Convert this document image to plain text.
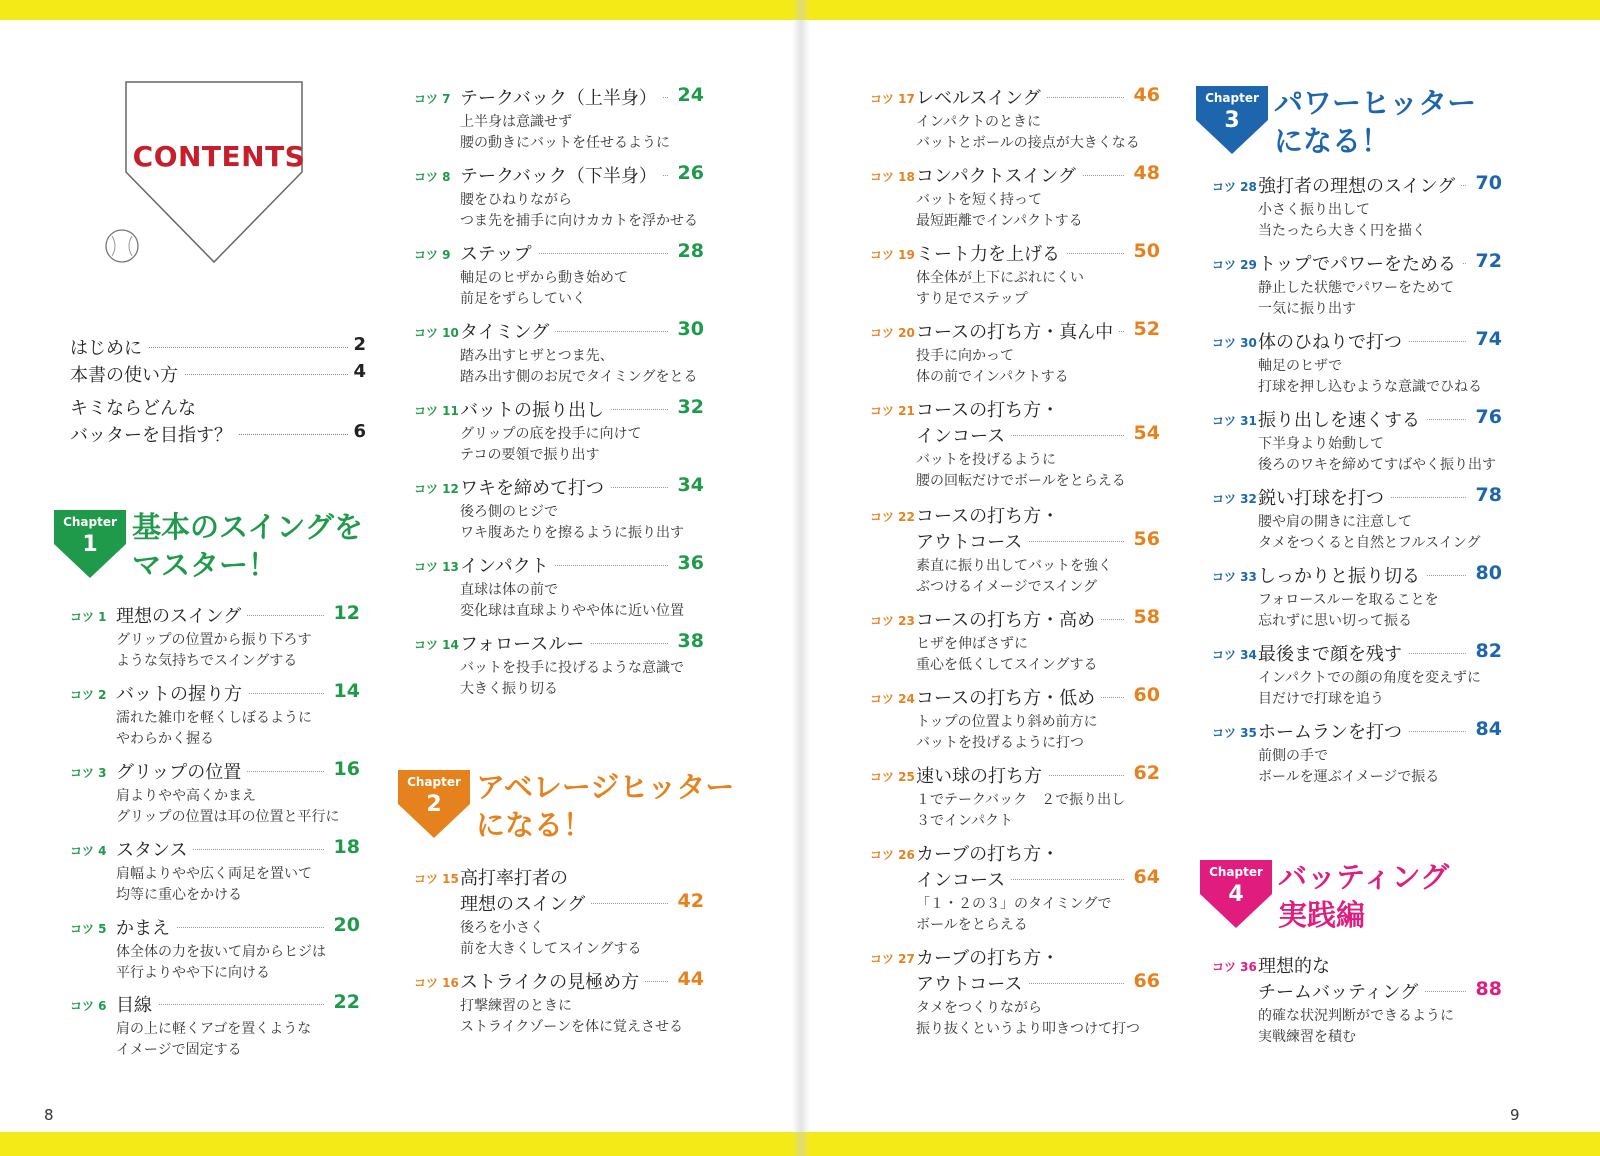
CONTENTS
はじめに	2
本書の使い方	4
キミならどんな
バッターを目指す？	6
Chapter
1
基本のスイングを
マスター！
Chapter
2
アベレージヒッター
になる！
Chapter
3
パワーヒッター
になる！
Chapter
4
バッティング
実践編
コツ 1 理想のスイング	12
グリップの位置から振り下ろす
ような気持ちでスイングする
コツ 2 バットの握り方	14
濡れた雑巾を軽くしぼるように
やわらかく握る
コツ 3 グリップの位置	16
肩よりやや高くかまえ
グリップの位置は耳の位置と平行に
コツ 4 スタンス	18
肩幅よりやや広く両足を置いて
均等に重心をかける
コツ 5 かまえ	20
体全体の力を抜いて肩からヒジは
平行よりやや下に向ける
コツ 6 目線	22
肩の上に軽くアゴを置くような
イメージで固定する
コツ 7 テークバック（上半身）	24
上半身は意識せず
腰の動きにバットを任せるように
コツ 8 テークバック（下半身）	26
腰をひねりながら
つま先を捕手に向けカカトを浮かせる
コツ 9 ステップ	28
軸足のヒザから動き始めて
前足をずらしていく
コツ 10 タイミング	30
踏み出すヒザとつま先、
踏み出す側のお尻でタイミングをとる
コツ 11 バットの振り出し	32
グリップの底を投手に向けて
テコの要領で振り出す
コツ 12 ワキを締めて打つ	34
後ろ側のヒジで
ワキ腹あたりを擦るように振り出す
コツ 13 インパクト	36
直球は体の前で
変化球は直球よりやや体に近い位置
コツ 14 フォロースルー	38
バットを投手に投げるような意識で
大きく振り切る
コツ 15 高打率打者の
理想のスイング	42
後ろを小さく
前を大きくしてスイングする
コツ 16 ストライクの見極め方	44
打撃練習のときに
ストライクゾーンを体に覚えさせる
コツ 17 レベルスイング	46
インパクトのときに
バットとボールの接点が大きくなる
コツ 18 コンパクトスイング	48
バットを短く持って
最短距離でインパクトする
コツ 19 ミート力を上げる	50
体全体が上下にぶれにくい
すり足でステップ
コツ 20 コースの打ち方・真ん中	52
投手に向かって
体の前でインパクトする
コツ 21 コースの打ち方・
インコース	54
バットを投げるように
腰の回転だけでボールをとらえる
コツ 22 コースの打ち方・
アウトコース	56
素直に振り出してバットを強く
ぶつけるイメージでスイング
コツ 23 コースの打ち方・高め	58
ヒザを伸ばさずに
重心を低くしてスイングする
コツ 24 コースの打ち方・低め	60
トップの位置より斜め前方に
バットを投げるように打つ
コツ 25 速い球の打ち方	62
１でテークバック　２で振り出し
３でインパクト
コツ 26 カーブの打ち方・
インコース	64
「１・２の３」のタイミングで
ボールをとらえる
コツ 27 カーブの打ち方・
アウトコース	66
タメをつくりながら
振り抜くというより叩きつけて打つ
コツ 28 強打者の理想のスイング	70
小さく振り出して
当たったら大きく円を描く
コツ 29 トップでパワーをためる	72
静止した状態でパワーをためて
一気に振り出す
コツ 30 体のひねりで打つ	74
軸足のヒザで
打球を押し込むような意識でひねる
コツ 31 振り出しを速くする	76
下半身より始動して
後ろのワキを締めてすばやく振り出す
コツ 32 鋭い打球を打つ	78
腰や肩の開きに注意して
タメをつくると自然とフルスイング
コツ 33 しっかりと振り切る	80
フォロースルーを取ることを
忘れずに思い切って振る
コツ 34 最後まで顔を残す	82
インパクトでの顔の角度を変えずに
目だけで打球を追う
コツ 35 ホームランを打つ	84
前側の手で
ボールを運ぶイメージで振る
コツ 36 理想的な
チームバッティング	88
的確な状況判断ができるように
実戦練習を積む
8	9
